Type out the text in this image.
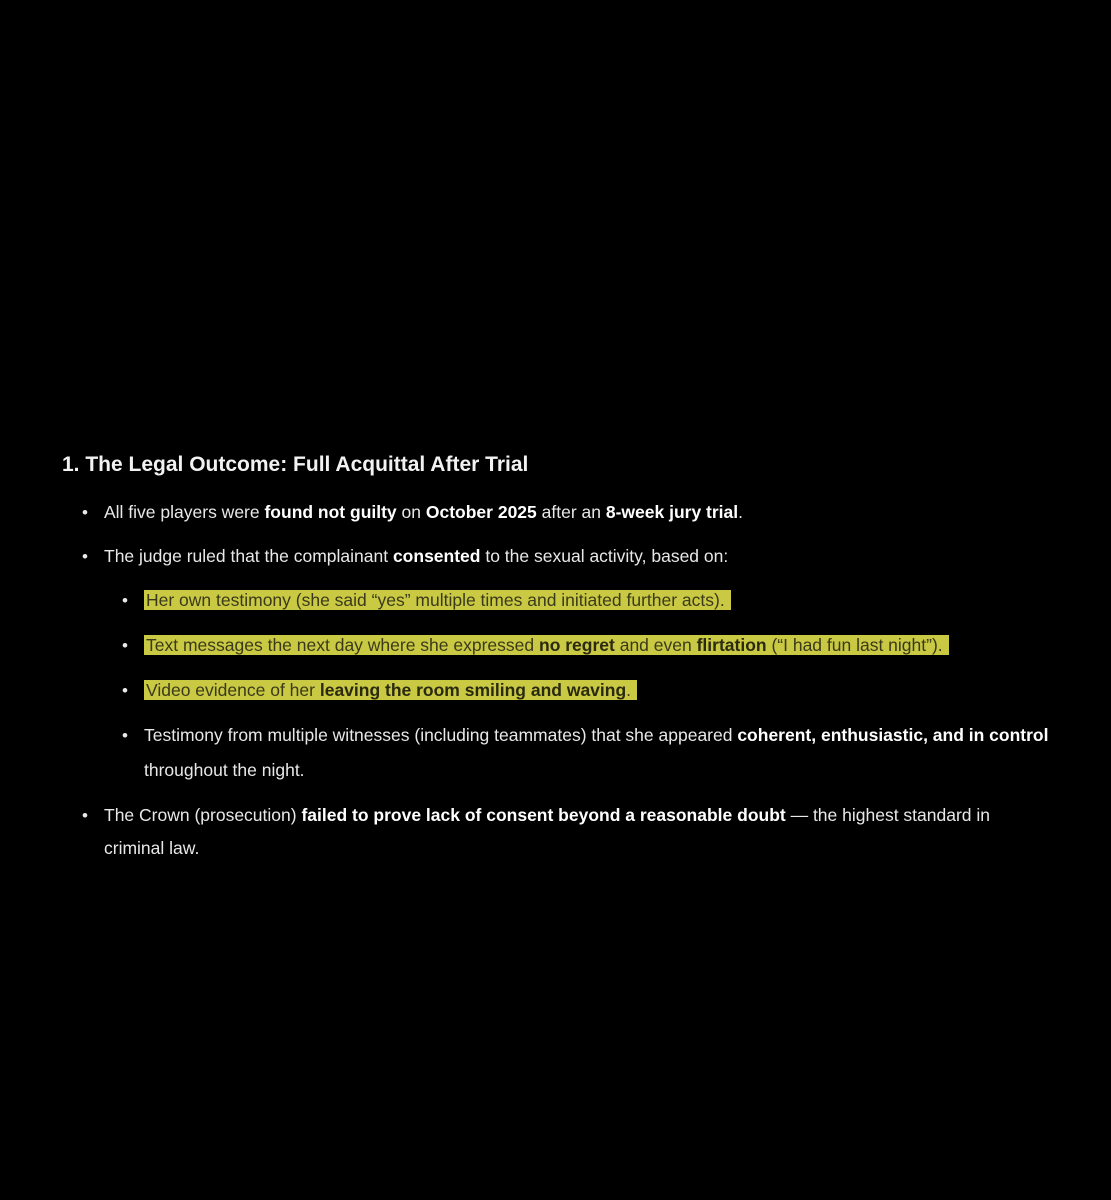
1. The Legal Outcome: Full Acquittal After Trial
• All five players were found not guilty on October 2025 after an 8-week jury trial.
• The judge ruled that the complainant consented to the sexual activity, based on:
• Her own testimony (she said “yes” multiple times and initiated further acts).
• Text messages the next day where she expressed no regret and even flirtation (“I had fun last night”).
• Video evidence of her leaving the room smiling and waving.
• Testimony from multiple witnesses (including teammates) that she appeared coherent, enthusiastic, and in control throughout the night.
• The Crown (prosecution) failed to prove lack of consent beyond a reasonable doubt — the highest standard in criminal law.
